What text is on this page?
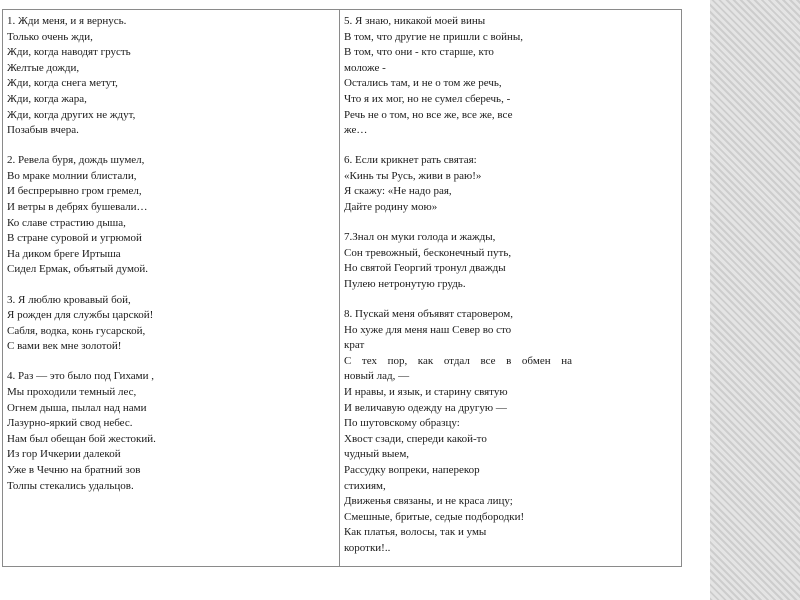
1. Жди меня, и я вернусь.
Только очень жди,
Жди, когда наводят грусть
Желтые дожди,
Жди, когда снега метут,
Жди, когда жара,
Жди, когда других не ждут,
Позабыв вчера.
2. Ревела буря, дождь шумел,
Во мраке молнии блистали,
И беспрерывно гром гремел,
И ветры в дебрях бушевали…
Ко славе страстию дыша,
В стране суровой и угрюмой
На диком бреге Иртыша
Сидел Ермак, объятый думой.
3. Я люблю кровавый бой,
Я рожден для службы царской!
Сабля, водка, конь гусарской,
С вами век мне золотой!
4. Раз — это было под Гихами ,
Мы проходили темный лес,
Огнем дыша, пылал над нами
Лазурно-яркий свод небес.
Нам был обещан бой жестокий.
Из гор Ичкерии далекой
Уже в Чечню на братний зов
Толпы стекались удальцов.
5. Я знаю, никакой моей вины
В том, что другие не пришли с войны,
В том, что они - кто старше, кто
моложе -
Остались там, и не о том же речь,
Что я их мог, но не сумел сберечь, -
Речь не о том, но все же, все же, все
же…
6. Если крикнет рать святая:
«Кинь ты Русь, живи в раю!»
Я скажу: «Не надо рая,
Дайте родину мою»
7.Знал он муки голода и жажды,
Сон тревожный, бесконечный путь,
Но святой Георгий тронул дважды
Пулею нетронутую грудь.
8. Пускай меня объявят старовером,
Но хуже для меня наш Север во сто
крат
С тех пор, как отдал все в обмен на
новый лад, —
И нравы, и язык, и старину святую
И величавую одежду на другую —
По шутовскому образцу:
Хвост сзади, спереди какой-то
чудный выем,
Рассудку вопреки, наперекор
стихиям,
Движенья связаны, и не краса лицу;
Смешные, бритые, седые подбородки!
Как платья, волосы, так и умы
коротки!..
